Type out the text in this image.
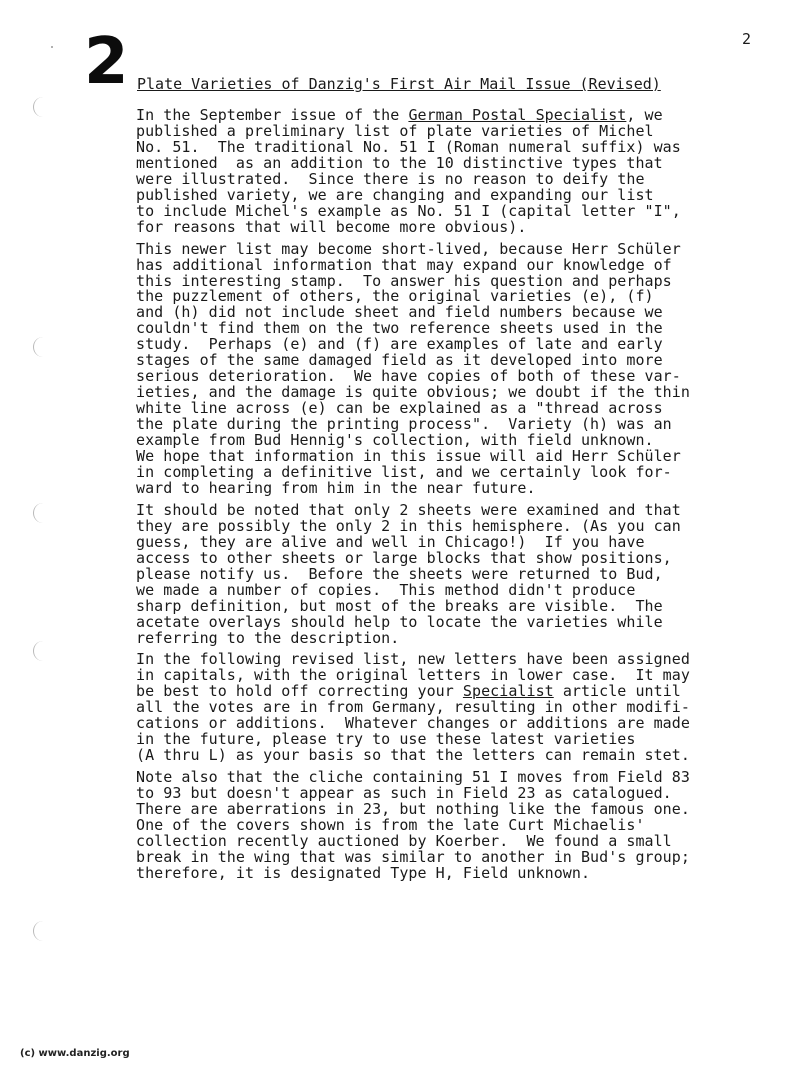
2
2 Plate Varieties of Danzig's First Air Mail Issue (Revised)

In the September issue of the German Postal Specialist, we
published a preliminary list of plate varieties of Michel
No. 51.  The traditional No. 51 I (Roman numeral suffix) was
mentioned  as an addition to the 10 distinctive types that
were illustrated.  Since there is no reason to deify the
published variety, we are changing and expanding our list
to include Michel's example as No. 51 I (capital letter "I",
for reasons that will become more obvious).

This newer list may become short-lived, because Herr Schüler
has additional information that may expand our knowledge of
this interesting stamp.  To answer his question and perhaps
the puzzlement of others, the original varieties (e), (f)
and (h) did not include sheet and field numbers because we
couldn't find them on the two reference sheets used in the
study.  Perhaps (e) and (f) are examples of late and early
stages of the same damaged field as it developed into more
serious deterioration.  We have copies of both of these var-
ieties, and the damage is quite obvious; we doubt if the thin
white line across (e) can be explained as a "thread across
the plate during the printing process".  Variety (h) was an
example from Bud Hennig's collection, with field unknown.
We hope that information in this issue will aid Herr Schüler
in completing a definitive list, and we certainly look for-
ward to hearing from him in the near future.

It should be noted that only 2 sheets were examined and that
they are possibly the only 2 in this hemisphere. (As you can
guess, they are alive and well in Chicago!)  If you have
access to other sheets or large blocks that show positions,
please notify us.  Before the sheets were returned to Bud,
we made a number of copies.  This method didn't produce
sharp definition, but most of the breaks are visible.  The
acetate overlays should help to locate the varieties while
referring to the description.

In the following revised list, new letters have been assigned
in capitals, with the original letters in lower case.  It may
be best to hold off correcting your Specialist article until
all the votes are in from Germany, resulting in other modifi-
cations or additions.  Whatever changes or additions are made
in the future, please try to use these latest varieties
(A thru L) as your basis so that the letters can remain stet.

Note also that the cliche containing 51 I moves from Field 83
to 93 but doesn't appear as such in Field 23 as catalogued.
There are aberrations in 23, but nothing like the famous one.
One of the covers shown is from the late Curt Michaelis'
collection recently auctioned by Koerber.  We found a small
break in the wing that was similar to another in Bud's group;
therefore, it is designated Type H, Field unknown.

(c) www.danzig.org
